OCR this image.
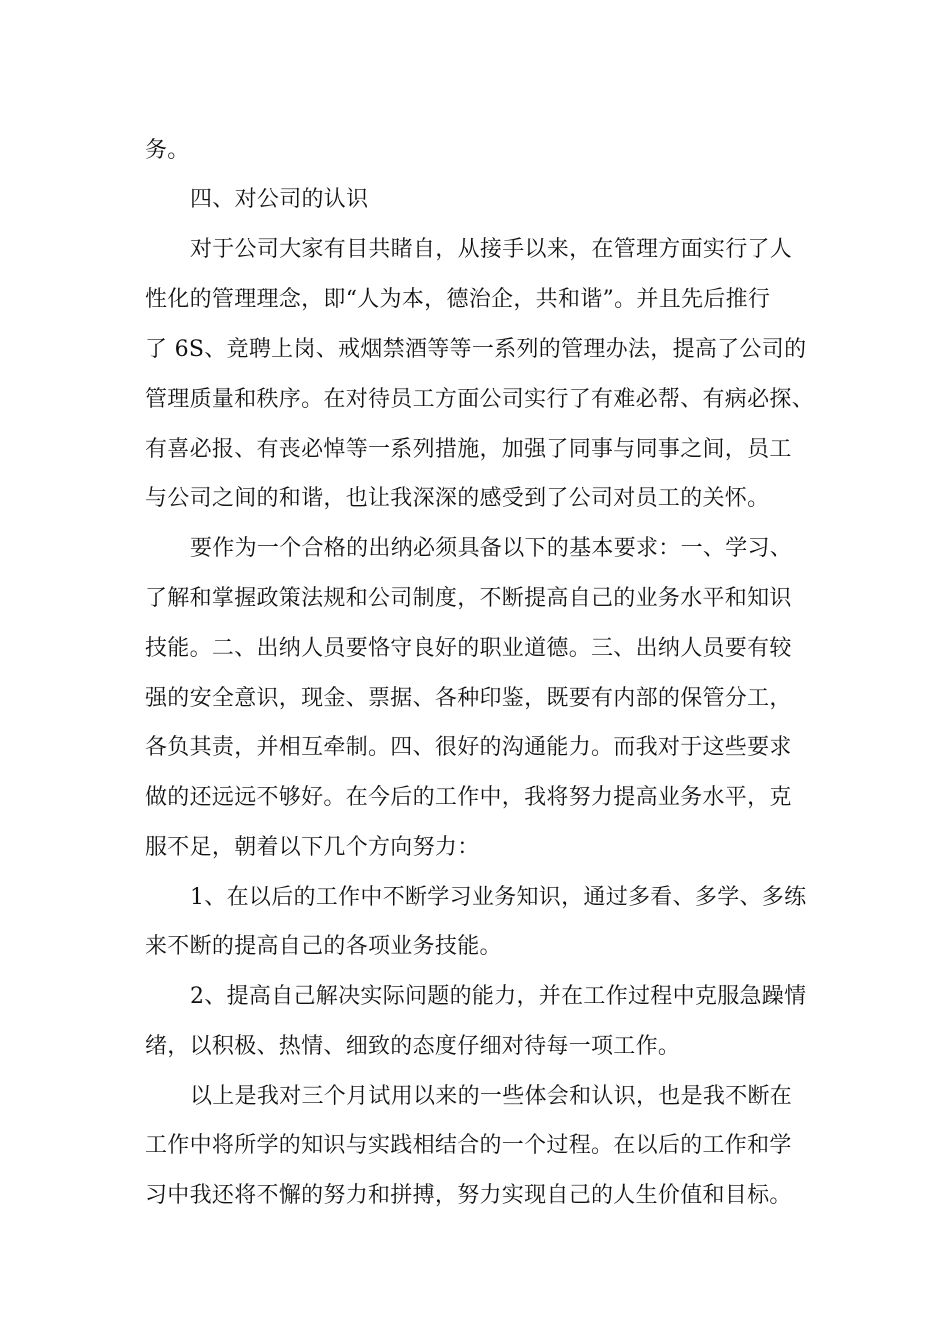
务。
四、对公司的认识
对于公司大家有目共睹自，从接手以来，在管理方面实行了人
性化的管理理念，即“人为本，德治企，共和谐”。并且先后推行
了 6S、竞聘上岗、戒烟禁酒等等一系列的管理办法，提高了公司的
管理质量和秩序。在对待员工方面公司实行了有难必帮、有病必探、
有喜必报、有丧必悼等一系列措施，加强了同事与同事之间，员工
与公司之间的和谐，也让我深深的感受到了公司对员工的关怀。
要作为一个合格的出纳必须具备以下的基本要求：一、学习、
了解和掌握政策法规和公司制度，不断提高自己的业务水平和知识
技能。二、出纳人员要恪守良好的职业道德。三、出纳人员要有较
强的安全意识，现金、票据、各种印鉴，既要有内部的保管分工，
各负其责，并相互牵制。四、很好的沟通能力。而我对于这些要求
做的还远远不够好。在今后的工作中，我将努力提高业务水平，克
服不足，朝着以下几个方向努力：
1、在以后的工作中不断学习业务知识，通过多看、多学、多练
来不断的提高自己的各项业务技能。
2、提高自己解决实际问题的能力，并在工作过程中克服急躁情
绪，以积极、热情、细致的态度仔细对待每一项工作。
以上是我对三个月试用以来的一些体会和认识，也是我不断在
工作中将所学的知识与实践相结合的一个过程。在以后的工作和学
习中我还将不懈的努力和拼搏，努力实现自己的人生价值和目标。
